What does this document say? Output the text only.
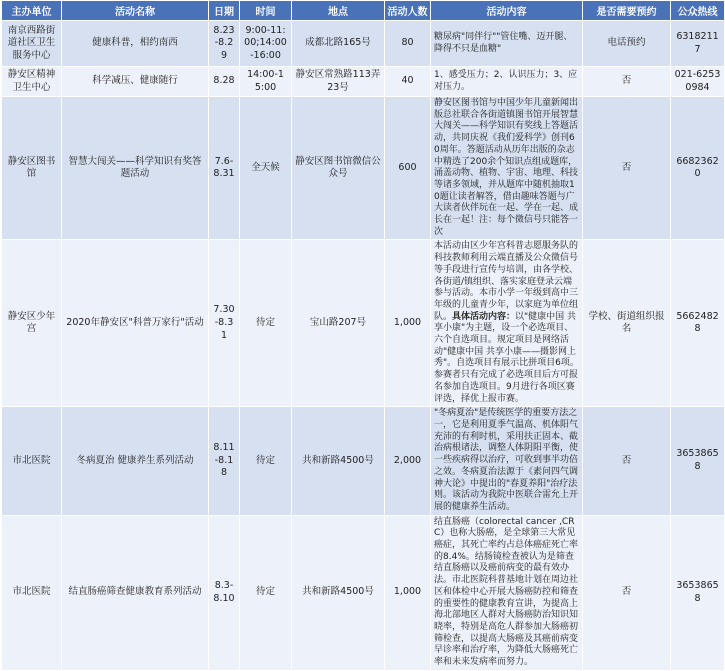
主办单位	活动名称	日期	时间	地点	活动人数	活动内容	是否需要预约	公众热线
南京西路街道社区卫生服务中心	健康科普，相约南西	8.23-8.29	9:00-11:00;14:00-16:00	成都北路165号	80	糖尿病"同伴行""管住嘴、迈开腿、降得不只是血糖"	电话预约	63182117
静安区精神卫生中心	科学减压、健康随行	8.28	14:00-15:00	静安区常熟路113弄23号	40	1、感受压力；2、认识压力；3、应对压力。	否	021-62530984
静安区图书馆	智慧大闯关——科学知识有奖答题活动	7.6-8.31	全天候	静安区图书馆微信公众号	600	静安区图书馆与中国少年儿童新闻出版总社联合各街道镇图书馆开展智慧大闯关——科学知识有奖线上答题活动，共同庆祝《我们爱科学》创刊60周年。答题活动从历年出版的杂志中精选了200余个知识点组成题库，涌盖动物、植物、宇宙、地理、科技等诸多领域，并从题库中随机抽取10题让读者解答，借由趣味答题与广大读者伙伴玩在一起、学在一起、成长在一起！注：每个微信号只能答一次	否	66823620
静安区少年宫	2020年静安区"科普万家行"活动	7.30-8.31	待定	宝山路207号	1,000	本活动由区少年宫科普志愿服务队的科技教师利用云端直播及公众微信号等手段进行宣传与培训，由各学校、各街道/镇组织、落实家庭登录云端参与活动。本市小学一年级到高中三年级的儿童青少年，以家庭为单位组队。具体活动内容：以"健康中国 共享小康"为主题，设一个必选项目、六个自选项目。规定项目是网络活动"健康中国 共享小康——摄影网上秀"。自选项目有展示比拼项目6项。参赛者只有完成了必选项目后方可报名参加自选项目。9月进行各项区赛评选，择优上报市赛。	学校、街道组织报名	56624828
市北医院	冬病夏治 健康养生系列活动	8.11-8.18	待定	共和新路4500号	2,000	"冬病夏治"是传统医学的重要方法之一，它是利用夏季气温高、机体阳气充沛的有利时机，采用扶正固本、截治病根诸法，调整人体阴阳平衡，使一些疾病得以治疗，可收到事半功倍之效。冬病夏治法源于《素问四气调神大论》中提出的"春夏养阳"治疗法则。该活动为我院中医联合雷允上开展的健康养生活动。	否	36538658
市北医院	结直肠癌筛查健康教育系列活动	8.3-8.10	待定	共和新路4500号	1,000	结直肠癌（colorectal cancer ,CRC）也称大肠癌，是全球第三大常见癌症，其死亡率约占总体癌症死亡率的8.4%。结肠镜检查被认为是筛查结直肠癌以及癌前病变的最有效办法。市北医院科普基地计划在周边社区和体检中心开展大肠癌防控和筛查的重要性的健康教育宣讲，为提高上海北部地区人群对大肠癌防治知识知晓率，特别是高危人群参加大肠癌初筛检查，以提高大肠癌及其癌前病变早诊率和治疗率，为降低大肠癌死亡率和未来发病率而努力。	否	36538658
